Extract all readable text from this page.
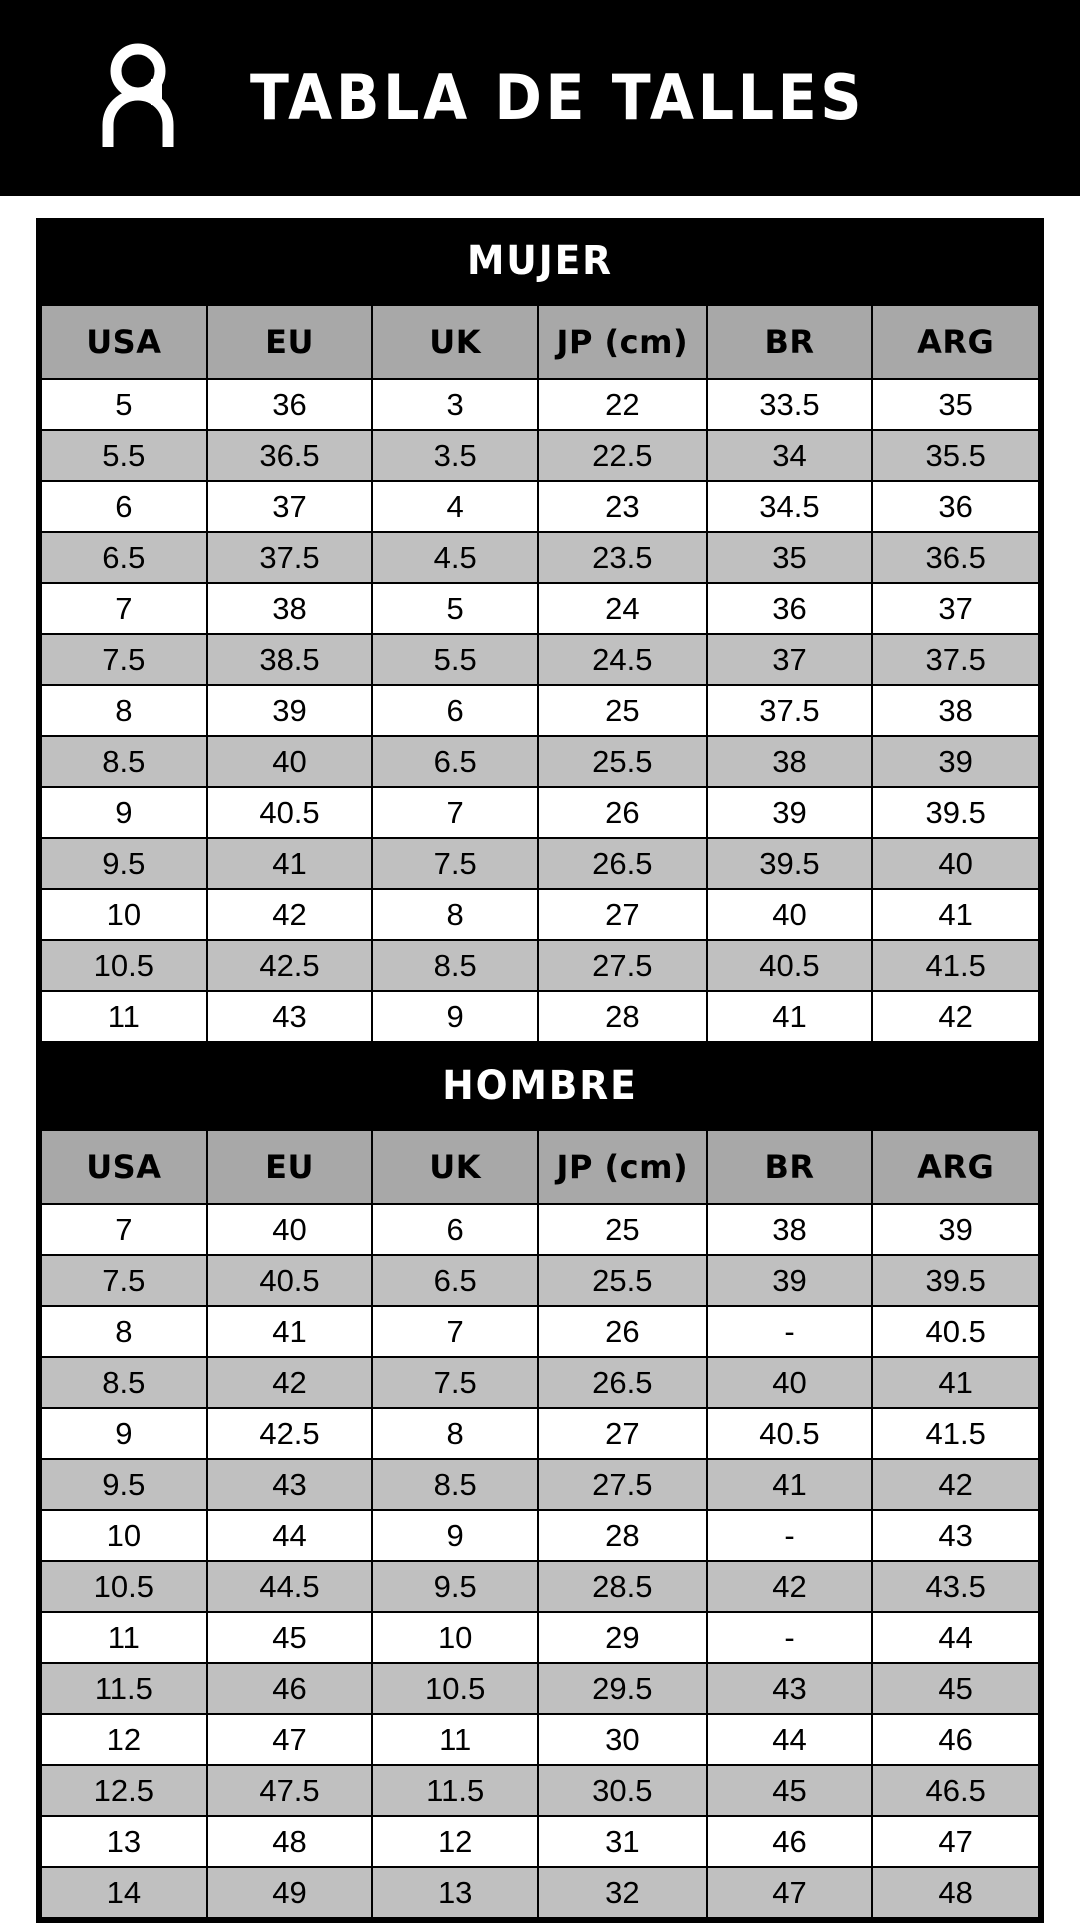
TABLA DE TALLES
MUJER
USA	EU	UK	JP (cm)	BR	ARG
5	36	3	22	33.5	35
5.5	36.5	3.5	22.5	34	35.5
6	37	4	23	34.5	36
6.5	37.5	4.5	23.5	35	36.5
7	38	5	24	36	37
7.5	38.5	5.5	24.5	37	37.5
8	39	6	25	37.5	38
8.5	40	6.5	25.5	38	39
9	40.5	7	26	39	39.5
9.5	41	7.5	26.5	39.5	40
10	42	8	27	40	41
10.5	42.5	8.5	27.5	40.5	41.5
11	43	9	28	41	42
HOMBRE
USA	EU	UK	JP (cm)	BR	ARG
7	40	6	25	38	39
7.5	40.5	6.5	25.5	39	39.5
8	41	7	26	-	40.5
8.5	42	7.5	26.5	40	41
9	42.5	8	27	40.5	41.5
9.5	43	8.5	27.5	41	42
10	44	9	28	-	43
10.5	44.5	9.5	28.5	42	43.5
11	45	10	29	-	44
11.5	46	10.5	29.5	43	45
12	47	11	30	44	46
12.5	47.5	11.5	30.5	45	46.5
13	48	12	31	46	47
14	49	13	32	47	48
